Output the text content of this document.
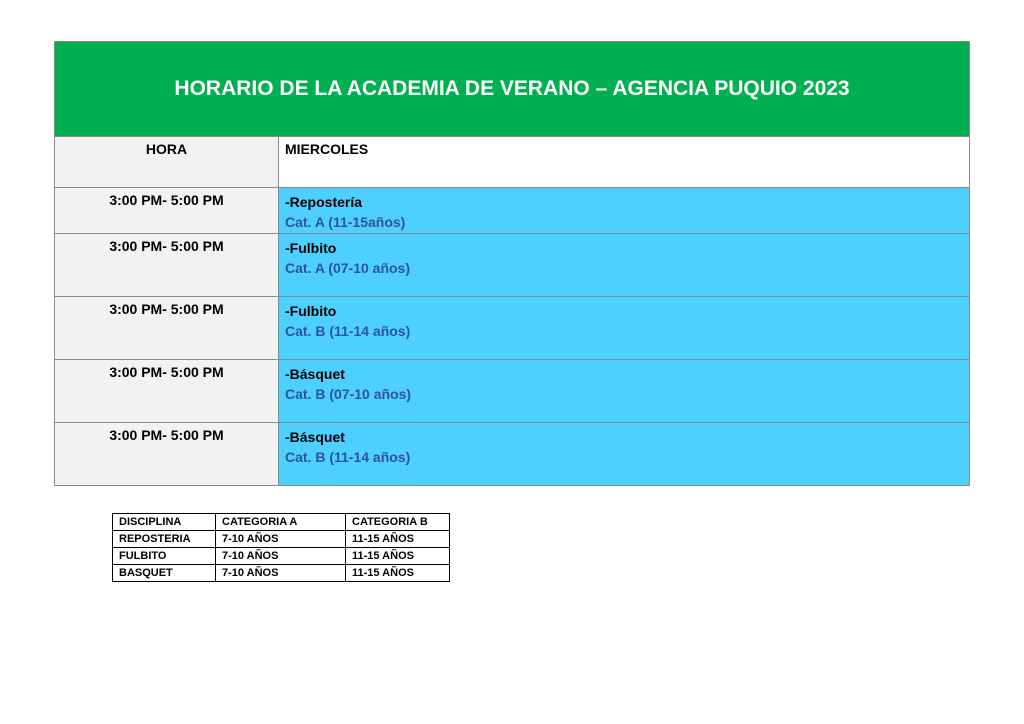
HORARIO DE LA ACADEMIA DE VERANO – AGENCIA PUQUIO 2023	
HORA	MIERCOLES
3:00 PM- 5:00 PM	-Repostería
Cat. A (11-15años)

3:00 PM- 5:00 PM	-Fulbito
Cat. A (07-10 años)

3:00 PM- 5:00 PM	-Fulbito
Cat. B (11-14 años)

3:00 PM- 5:00 PM	-Básquet
Cat. B (07-10 años)

3:00 PM- 5:00 PM	-Básquet
Cat. B (11-14 años)
DISCIPLINA	CATEGORIA A	CATEGORIA B
REPOSTERIA	7-10 AÑOS	11-15 AÑOS
FULBITO	7-10 AÑOS	11-15 AÑOS
BASQUET	7-10 AÑOS	11-15 AÑOS
